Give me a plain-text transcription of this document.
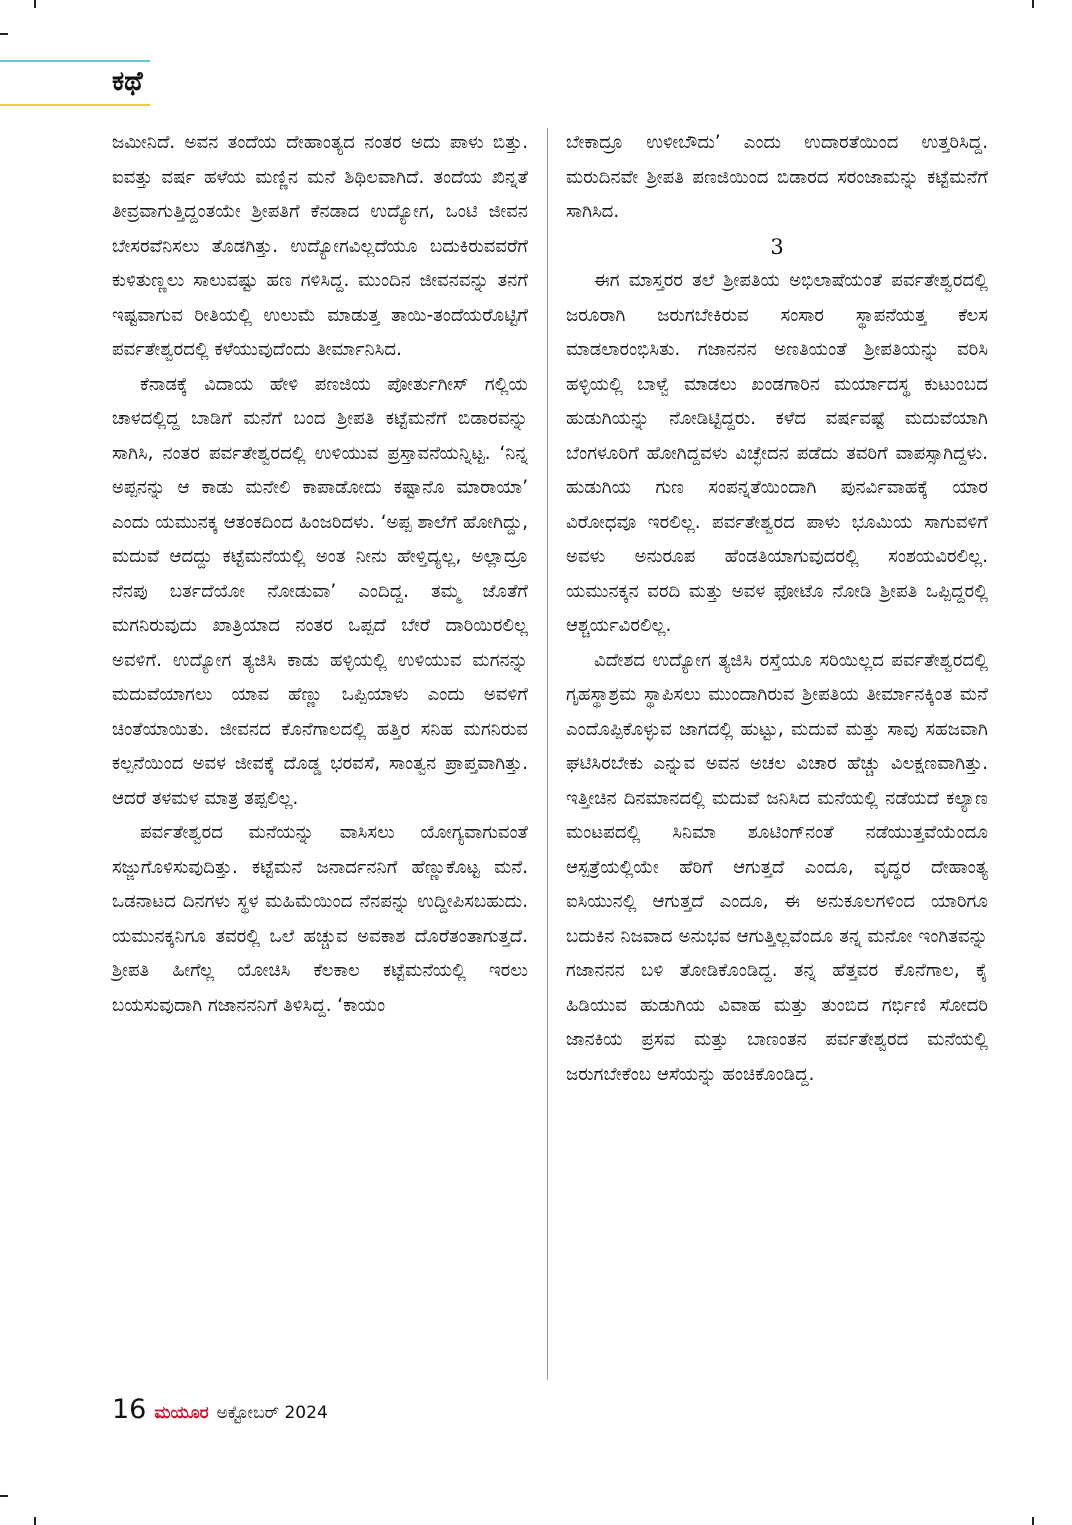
ಕಥೆ

ಜಮೀನಿದೆ. ಅವನ ತಂದೆಯ ದೇಹಾಂತ್ಯದ ನಂತರ ಅದು ಪಾಳು ಬಿತ್ತು. ಐವತ್ತು ವರ್ಷ ಹಳೆಯ ಮಣ್ಣಿನ ಮನೆ ಶಿಥಿಲವಾಗಿದೆ. ತಂದೆಯ ಖಿನ್ನತೆ ತೀವ್ರವಾಗುತ್ತಿದ್ದಂತಯೇ ಶ್ರೀಪತಿಗೆ ಕೆನಡಾದ ಉದ್ಯೋಗ, ಒಂಟಿ ಜೀವನ ಬೇಸರವೆನಿಸಲು ತೊಡಗಿತ್ತು. ಉದ್ಯೋಗವಿಲ್ಲದೆಯೂ ಬದುಕಿರುವವರೆಗೆ ಕುಳಿತುಣ್ಣಲು ಸಾಲುವಷ್ಟು ಹಣ ಗಳಿಸಿದ್ದ. ಮುಂದಿನ ಜೀವನವನ್ನು ತನಗೆ ಇಷ್ಟವಾಗುವ ರೀತಿಯಲ್ಲಿ ಉಲುಮೆ ಮಾಡುತ್ತ ತಾಯಿ-ತಂದೆಯರೊಟ್ಟಿಗೆ ಪರ್ವತೇಶ್ವರದಲ್ಲಿ ಕಳೆಯುವುದೆಂದು ತೀರ್ಮಾನಿಸಿದ.

ಕೆನಾಡಕ್ಕೆ ವಿದಾಯ ಹೇಳಿ ಪಣಜಿಯ ಪೋರ್ತುಗೀಸ್ ಗಲ್ಲಿಯ ಚಾಳದಲ್ಲಿದ್ದ ಬಾಡಿಗೆ ಮನೆಗೆ ಬಂದ ಶ್ರೀಪತಿ ಕಟ್ಟೆಮನೆಗೆ ಬಿಡಾರವನ್ನು ಸಾಗಿಸಿ, ನಂತರ ಪರ್ವತೇಶ್ವರದಲ್ಲಿ ಉಳಿಯುವ ಪ್ರಸ್ತಾವನೆಯನ್ನಿಟ್ಟ. ‘ನಿನ್ನ ಅಪ್ಪನನ್ನು ಆ ಕಾಡು ಮನೇಲಿ ಕಾಪಾಡೋದು ಕಷ್ಟಾನೊ ಮಾರಾಯಾ’ ಎಂದು ಯಮುನಕ್ಕ ಆತಂಕದಿಂದ ಹಿಂಜರಿದಳು. ‘ಅಪ್ಪ ಶಾಲೆಗೆ ಹೋಗಿದ್ದು, ಮದುವೆ ಆದದ್ದು ಕಟ್ಟೆಮನೆಯಲ್ಲಿ ಅಂತ ನೀನು ಹೇಳ್ತಿದ್ಯಲ್ಲ, ಅಲ್ಲಾದ್ರೂ ನೆನಪು ಬರ್ತದೆಯೋ ನೋಡುವಾ’ ಎಂದಿದ್ದ. ತಮ್ಮ ಜೊತೆಗೆ ಮಗನಿರುವುದು ಖಾತ್ರಿಯಾದ ನಂತರ ಒಪ್ಪದೆ ಬೇರೆ ದಾರಿಯಿರಲಿಲ್ಲ ಅವಳಿಗೆ. ಉದ್ಯೋಗ ತ್ಯಜಿಸಿ ಕಾಡು ಹಳ್ಳಿಯಲ್ಲಿ ಉಳಿಯುವ ಮಗನನ್ನು ಮದುವೆಯಾಗಲು ಯಾವ ಹೆಣ್ಣು ಒಪ್ಪಿಯಾಳು ಎಂದು ಅವಳಿಗೆ ಚಿಂತೆಯಾಯಿತು. ಜೀವನದ ಕೊನೆಗಾಲದಲ್ಲಿ ಹತ್ತಿರ ಸನಿಹ ಮಗನಿರುವ ಕಲ್ಪನೆಯಿಂದ ಅವಳ ಜೀವಕ್ಕೆ ದೊಡ್ಡ ಭರವಸೆ, ಸಾಂತ್ವನ ಪ್ರಾಪ್ತವಾಗಿತ್ತು. ಆದರೆ ತಳಮಳ ಮಾತ್ರ ತಪ್ಪಲಿಲ್ಲ.

ಪರ್ವತೇಶ್ವರದ ಮನೆಯನ್ನು ವಾಸಿಸಲು ಯೋಗ್ಯವಾಗುವಂತೆ ಸಜ್ಜುಗೊಳಿಸುವುದಿತ್ತು. ಕಟ್ಟೆಮನೆ ಜನಾರ್ದನನಿಗೆ ಹೆಣ್ಣುಕೊಟ್ಟ ಮನೆ. ಒಡನಾಟದ ದಿನಗಳು ಸ್ಥಳ ಮಹಿಮೆಯಿಂದ ನೆನಪನ್ನು ಉದ್ದೀಪಿಸಬಹುದು. ಯಮುನಕ್ಕನಿಗೂ ತವರಲ್ಲಿ ಒಲೆ ಹಚ್ಚುವ ಅವಕಾಶ ದೊರೆತಂತಾಗುತ್ತದೆ. ಶ್ರೀಪತಿ ಹೀಗೆಲ್ಲ ಯೋಚಿಸಿ ಕೆಲಕಾಲ ಕಟ್ಟೆಮನೆಯಲ್ಲಿ ಇರಲು ಬಯಸುವುದಾಗಿ ಗಜಾನನನಿಗೆ ತಿಳಿಸಿದ್ದ. ‘ಕಾಯಂ

ಬೇಕಾದ್ರೂ ಉಳೀಬೌದು’ ಎಂದು ಉದಾರತೆಯಿಂದ ಉತ್ತರಿಸಿದ್ದ. ಮರುದಿನವೇ ಶ್ರೀಪತಿ ಪಣಜಿಯಿಂದ ಬಿಡಾರದ ಸರಂಜಾಮನ್ನು ಕಟ್ಟೆಮನೆಗೆ ಸಾಗಿಸಿದ.

3

ಈಗ ಮಾಸ್ತರರ ತಲೆ ಶ್ರೀಪತಿಯ ಅಭಿಲಾಷೆಯಂತೆ ಪರ್ವತೇಶ್ವರದಲ್ಲಿ ಜರೂರಾಗಿ ಜರುಗಬೇಕಿರುವ ಸಂಸಾರ ಸ್ಥಾಪನೆಯತ್ತ ಕೆಲಸ ಮಾಡಲಾರಂಭಿಸಿತು. ಗಜಾನನನ ಅಣತಿಯಂತೆ ಶ್ರೀಪತಿಯನ್ನು ವರಿಸಿ ಹಳ್ಳಿಯಲ್ಲಿ ಬಾಳ್ವೆ ಮಾಡಲು ಖಂಡಗಾರಿನ ಮರ್ಯಾದಸ್ಥ ಕುಟುಂಬದ ಹುಡುಗಿಯನ್ನು ನೋಡಿಟ್ಟಿದ್ದರು. ಕಳೆದ ವರ್ಷವಷ್ಟೆ ಮದುವೆಯಾಗಿ ಬೆಂಗಳೂರಿಗೆ ಹೋಗಿದ್ದವಳು ವಿಚ್ಛೇದನ ಪಡೆದು ತವರಿಗೆ ವಾಪಸ್ಸಾಗಿದ್ದಳು. ಹುಡುಗಿಯ ಗುಣ ಸಂಪನ್ನತೆಯಿಂದಾಗಿ ಪುನರ್ವಿವಾಹಕ್ಕೆ ಯಾರ ವಿರೋಧವೂ ಇರಲಿಲ್ಲ. ಪರ್ವತೇಶ್ವರದ ಪಾಳು ಭೂಮಿಯ ಸಾಗುವಳಿಗೆ ಅವಳು ಅನುರೂಪ ಹೆಂಡತಿಯಾಗುವುದರಲ್ಲಿ ಸಂಶಯವಿರಲಿಲ್ಲ. ಯಮುನಕ್ಕನ ವರದಿ ಮತ್ತು ಅವಳ ಫೋಟೊ ನೋಡಿ ಶ್ರೀಪತಿ ಒಪ್ಪಿದ್ದರಲ್ಲಿ ಆಶ್ಚರ್ಯವಿರಲಿಲ್ಲ.

ವಿದೇಶದ ಉದ್ಯೋಗ ತ್ಯಜಿಸಿ ರಸ್ತೆಯೂ ಸರಿಯಿಲ್ಲದ ಪರ್ವತೇಶ್ವರದಲ್ಲಿ ಗೃಹಸ್ಥಾಶ್ರಮ ಸ್ಥಾಪಿಸಲು ಮುಂದಾಗಿರುವ ಶ್ರೀಪತಿಯ ತೀರ್ಮಾನಕ್ಕಿಂತ ಮನೆ ಎಂದೊಪ್ಪಿಕೊಳ್ಳುವ ಜಾಗದಲ್ಲಿ ಹುಟ್ಟು, ಮದುವೆ ಮತ್ತು ಸಾವು ಸಹಜವಾಗಿ ಘಟಿಸಿರಬೇಕು ಎನ್ನುವ ಅವನ ಅಚಲ ವಿಚಾರ ಹೆಚ್ಚು ವಿಲಕ್ಷಣವಾಗಿತ್ತು. ಇತ್ತೀಚಿನ ದಿನಮಾನದಲ್ಲಿ ಮದುವೆ ಜನಿಸಿದ ಮನೆಯಲ್ಲಿ ನಡೆಯದೆ ಕಲ್ಯಾಣ ಮಂಟಪದಲ್ಲಿ ಸಿನಿಮಾ ಶೂಟಿಂಗ್‌ನಂತೆ ನಡೆಯುತ್ತವೆಯೆಂದೂ ಆಸ್ಪತ್ರೆಯಲ್ಲಿಯೇ ಹೆರಿಗೆ ಆಗುತ್ತದೆ ಎಂದೂ, ವೃದ್ಧರ ದೇಹಾಂತ್ಯ ಐಸಿಯುನಲ್ಲಿ ಆಗುತ್ತದೆ ಎಂದೂ, ಈ ಅನುಕೂಲಗಳಿಂದ ಯಾರಿಗೂ ಬದುಕಿನ ನಿಜವಾದ ಅನುಭವ ಆಗುತ್ತಿಲ್ಲವೆಂದೂ ತನ್ನ ಮನೋ ಇಂಗಿತವನ್ನು ಗಜಾನನನ ಬಳಿ ತೋಡಿಕೊಂಡಿದ್ದ. ತನ್ನ ಹೆತ್ತವರ ಕೊನೆಗಾಲ, ಕೈ ಹಿಡಿಯುವ ಹುಡುಗಿಯ ವಿವಾಹ ಮತ್ತು ತುಂಬಿದ ಗರ್ಭಿಣಿ ಸೋದರಿ ಜಾನಕಿಯ ಪ್ರಸವ ಮತ್ತು ಬಾಣಂತನ ಪರ್ವತೇಶ್ವರದ ಮನೆಯಲ್ಲಿ ಜರುಗಬೇಕೆಂಬ ಆಸೆಯನ್ನು ಹಂಚಿಕೊಂಡಿದ್ದ.

16 ಮಯೂರ ಅಕ್ಟೋಬರ್ 2024
